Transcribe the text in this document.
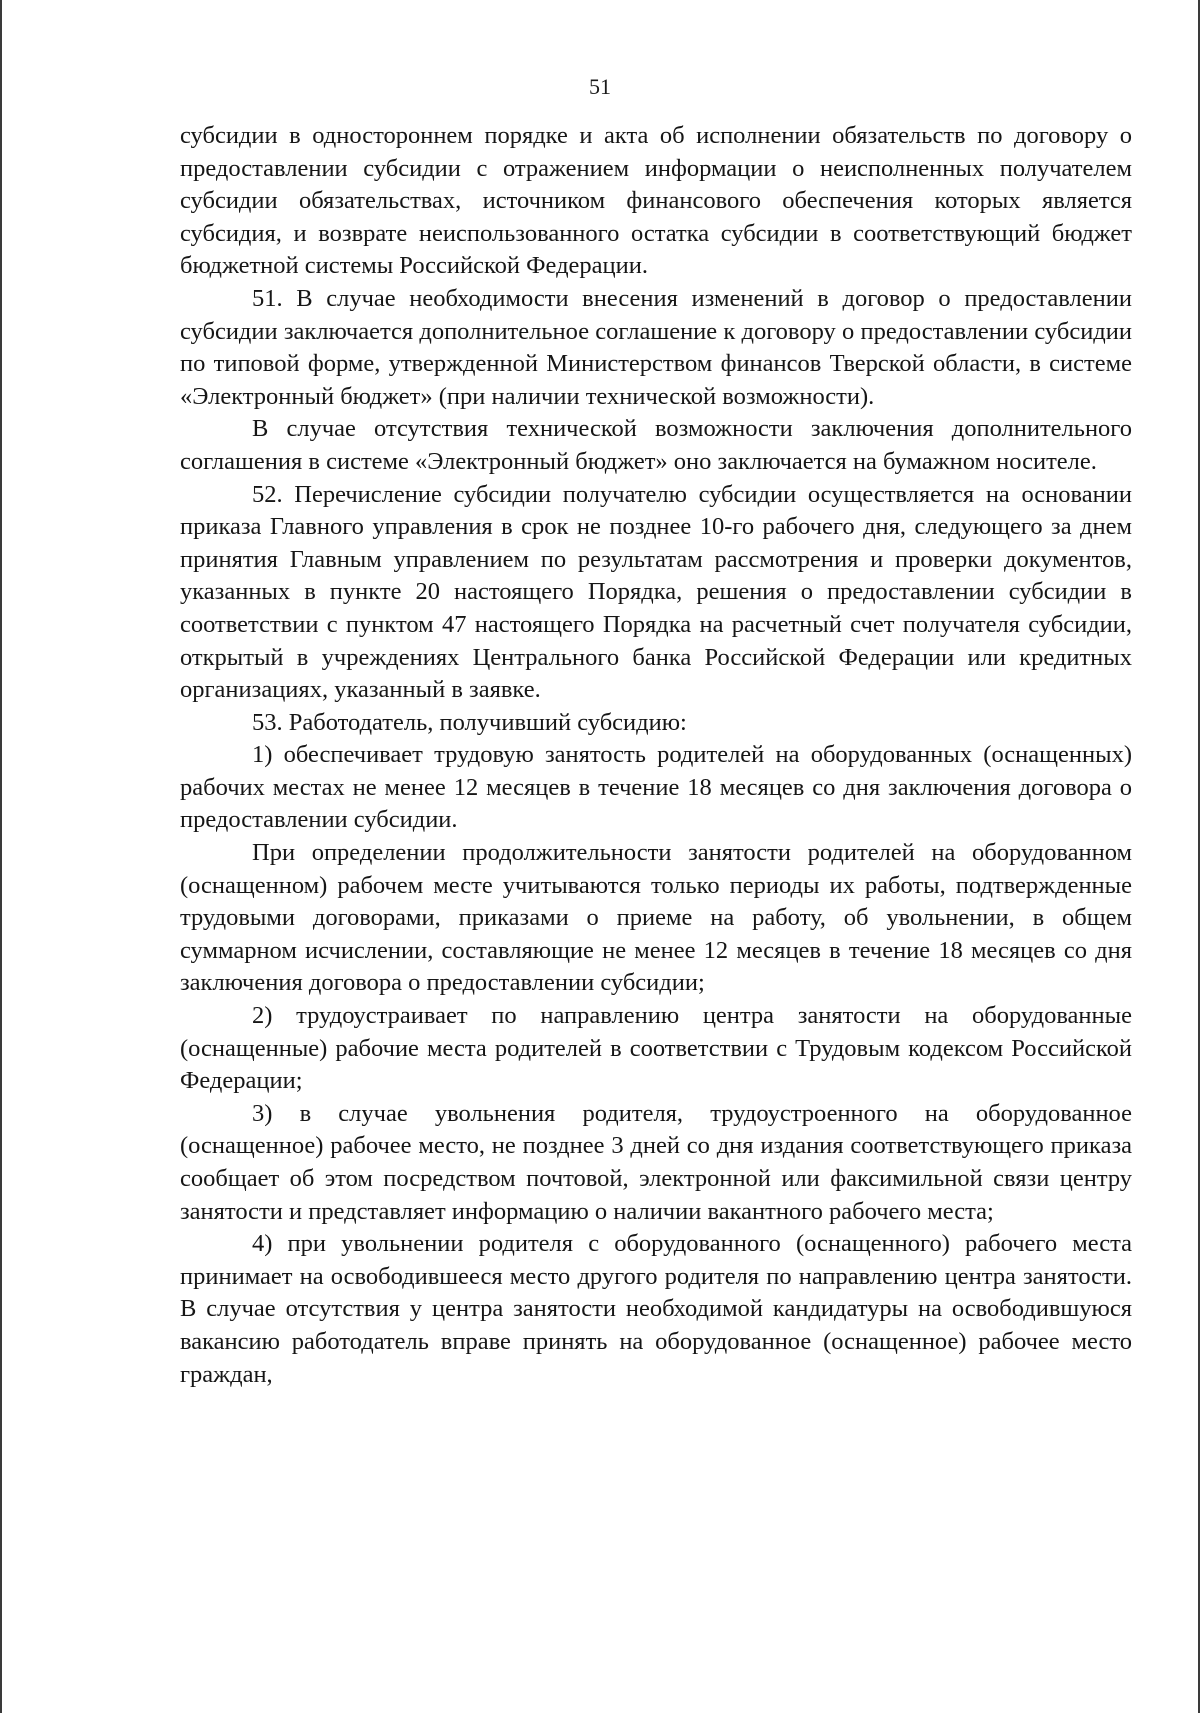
51

субсидии в одностороннем порядке и акта об исполнении обязательств по договору о предоставлении субсидии с отражением информации о неисполненных получателем субсидии обязательствах, источником финансового обеспечения которых является субсидия, и возврате неиспользованного остатка субсидии в соответствующий бюджет бюджетной системы Российской Федерации.

51. В случае необходимости внесения изменений в договор о предоставлении субсидии заключается дополнительное соглашение к договору о предоставлении субсидии по типовой форме, утвержденной Министерством финансов Тверской области, в системе «Электронный бюджет» (при наличии технической возможности).

В случае отсутствия технической возможности заключения дополнительного соглашения в системе «Электронный бюджет» оно заключается на бумажном носителе.

52. Перечисление субсидии получателю субсидии осуществляется на основании приказа Главного управления в срок не позднее 10-го рабочего дня, следующего за днем принятия Главным управлением по результатам рассмотрения и проверки документов, указанных в пункте 20 настоящего Порядка, решения о предоставлении субсидии в соответствии с пунктом 47 настоящего Порядка на расчетный счет получателя субсидии, открытый в учреждениях Центрального банка Российской Федерации или кредитных организациях, указанный в заявке.

53. Работодатель, получивший субсидию:

1) обеспечивает трудовую занятость родителей на оборудованных (оснащенных) рабочих местах не менее 12 месяцев в течение 18 месяцев со дня заключения договора о предоставлении субсидии.

При определении продолжительности занятости родителей на оборудованном (оснащенном) рабочем месте учитываются только периоды их работы, подтвержденные трудовыми договорами, приказами о приеме на работу, об увольнении, в общем суммарном исчислении, составляющие не менее 12 месяцев в течение 18 месяцев со дня заключения договора о предоставлении субсидии;

2) трудоустраивает по направлению центра занятости на оборудованные (оснащенные) рабочие места родителей в соответствии с Трудовым кодексом Российской Федерации;

3) в случае увольнения родителя, трудоустроенного на оборудованное (оснащенное) рабочее место, не позднее 3 дней со дня издания соответствующего приказа сообщает об этом посредством почтовой, электронной или факсимильной связи центру занятости и представляет информацию о наличии вакантного рабочего места;

4) при увольнении родителя с оборудованного (оснащенного) рабочего места принимает на освободившееся место другого родителя по направлению центра занятости. В случае отсутствия у центра занятости необходимой кандидатуры на освободившуюся вакансию работодатель вправе принять на оборудованное (оснащенное) рабочее место граждан,
